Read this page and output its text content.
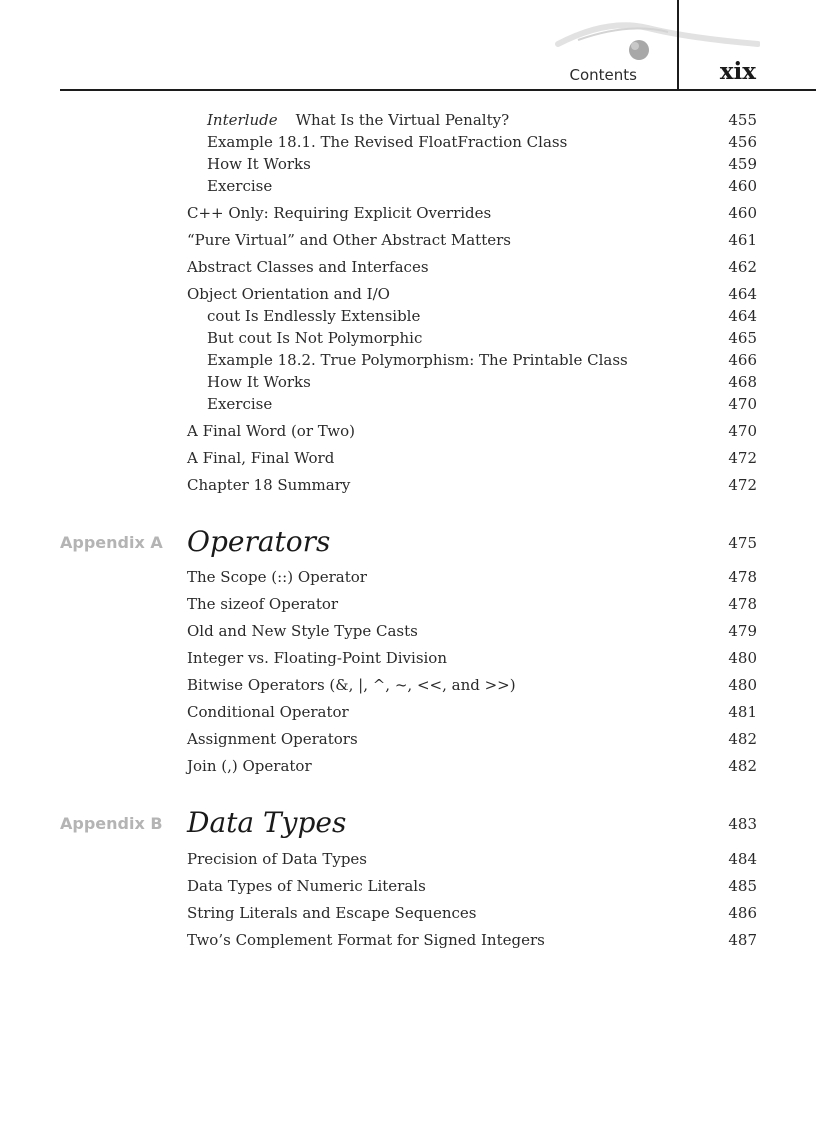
Contents	xix
Interlude What Is the Virtual Penalty?	455
Example 18.1. The Revised FloatFraction Class	456
How It Works	459
Exercise	460
C++ Only: Requiring Explicit Overrides	460
“Pure Virtual” and Other Abstract Matters	461
Abstract Classes and Interfaces	462
Object Orientation and I/O	464
cout Is Endlessly Extensible	464
But cout Is Not Polymorphic	465
Example 18.2. True Polymorphism: The Printable Class	466
How It Works	468
Exercise	470
A Final Word (or Two)	470
A Final, Final Word	472
Chapter 18 Summary	472
Appendix A Operators	475
The Scope (::) Operator	478
The sizeof Operator	478
Old and New Style Type Casts	479
Integer vs. Floating-Point Division	480
Bitwise Operators (&, |, ^, ~, <<, and >>)	480
Conditional Operator	481
Assignment Operators	482
Join (,) Operator	482
Appendix B Data Types	483
Precision of Data Types	484
Data Types of Numeric Literals	485
String Literals and Escape Sequences	486
Two’s Complement Format for Signed Integers	487
